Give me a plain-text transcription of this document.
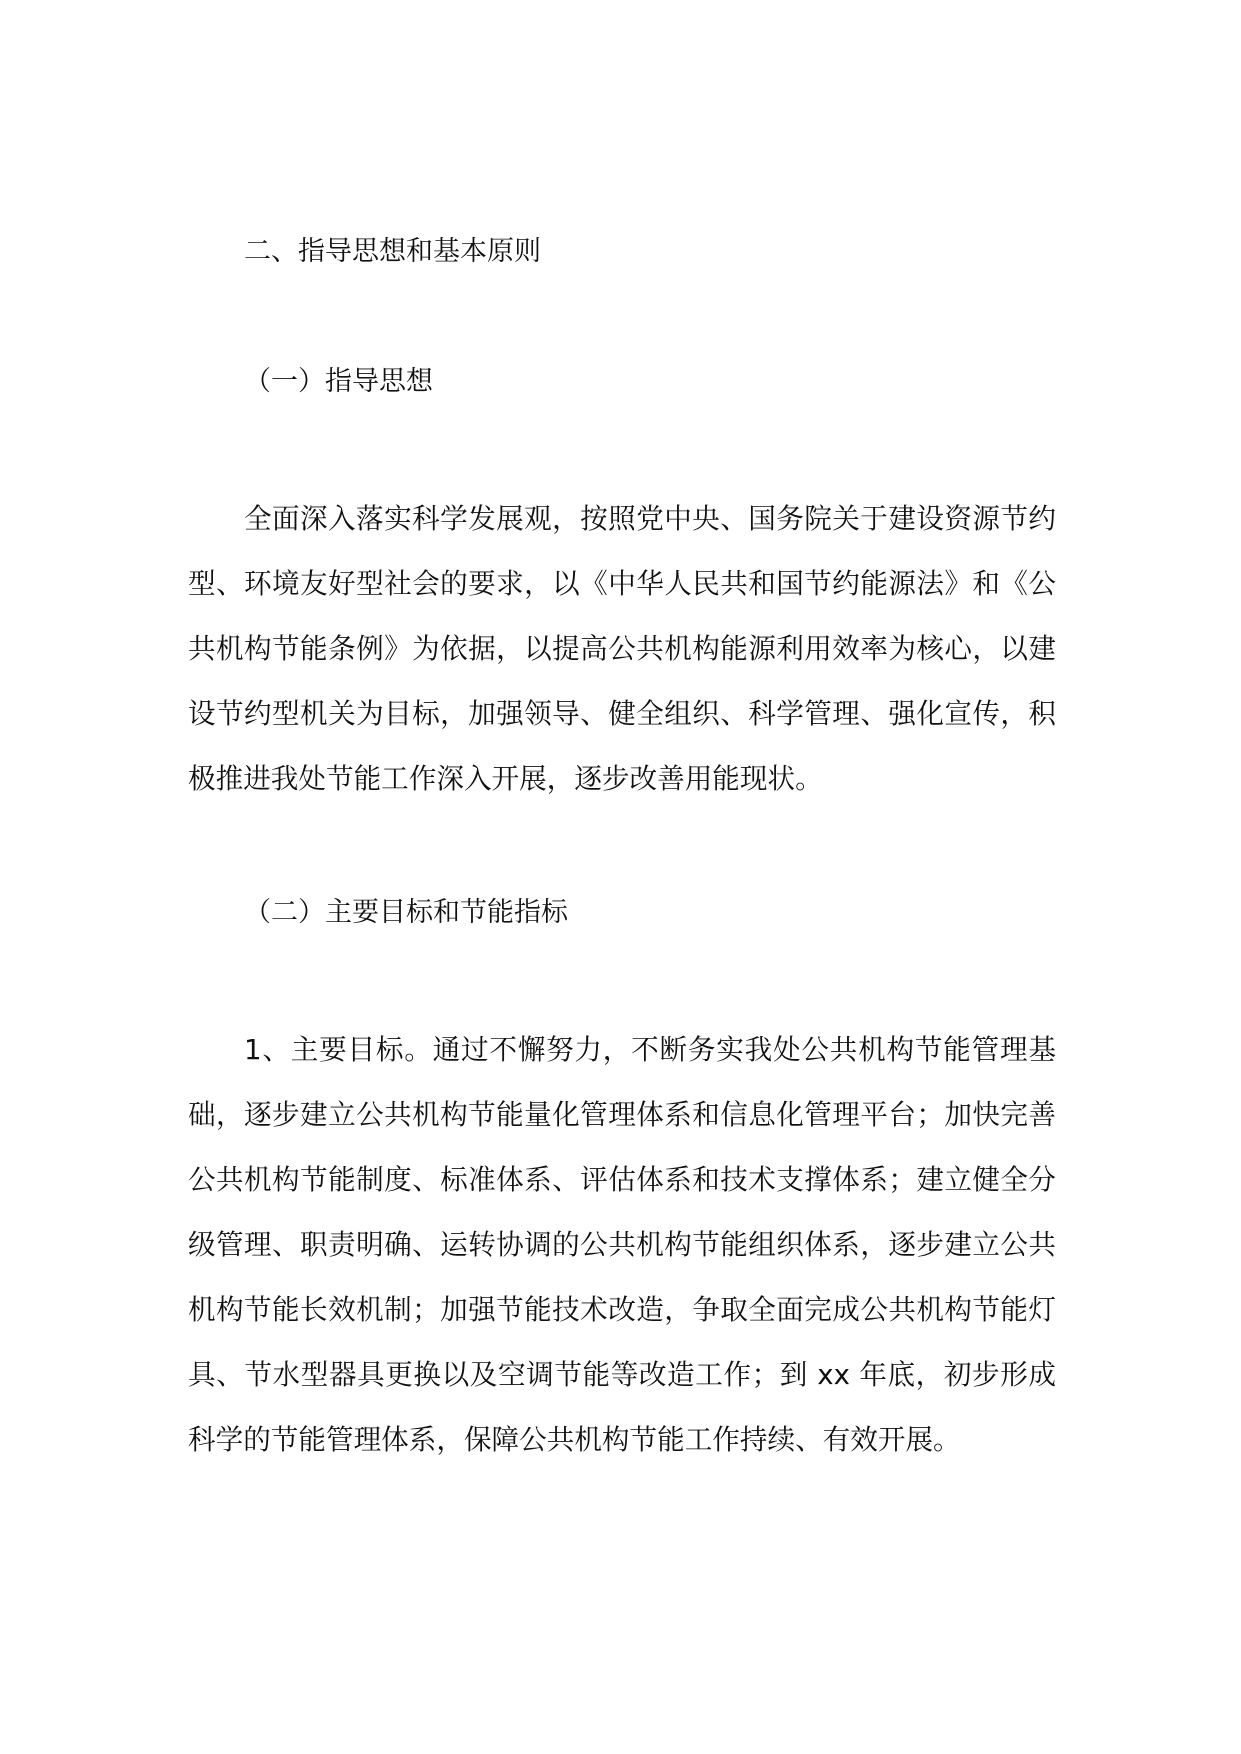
二、指导思想和基本原则
（一）指导思想

全面深入落实科学发展观，按照党中央、国务院关于建设资源节约型、环境友好型社会的要求，以《中华人民共和国节约能源法》和《公共机构节能条例》为依据，以提高公共机构能源利用效率为核心，以建设节约型机关为目标，加强领导、健全组织、科学管理、强化宣传，积极推进我处节能工作深入开展，逐步改善用能现状。

（二）主要目标和节能指标

1、主要目标。通过不懈努力，不断务实我处公共机构节能管理基础，逐步建立公共机构节能量化管理体系和信息化管理平台；加快完善公共机构节能制度、标准体系、评估体系和技术支撑体系；建立健全分级管理、职责明确、运转协调的公共机构节能组织体系，逐步建立公共机构节能长效机制；加强节能技术改造，争取全面完成公共机构节能灯具、节水型器具更换以及空调节能等改造工作；到 xx 年底，初步形成科学的节能管理体系，保障公共机构节能工作持续、有效开展。
